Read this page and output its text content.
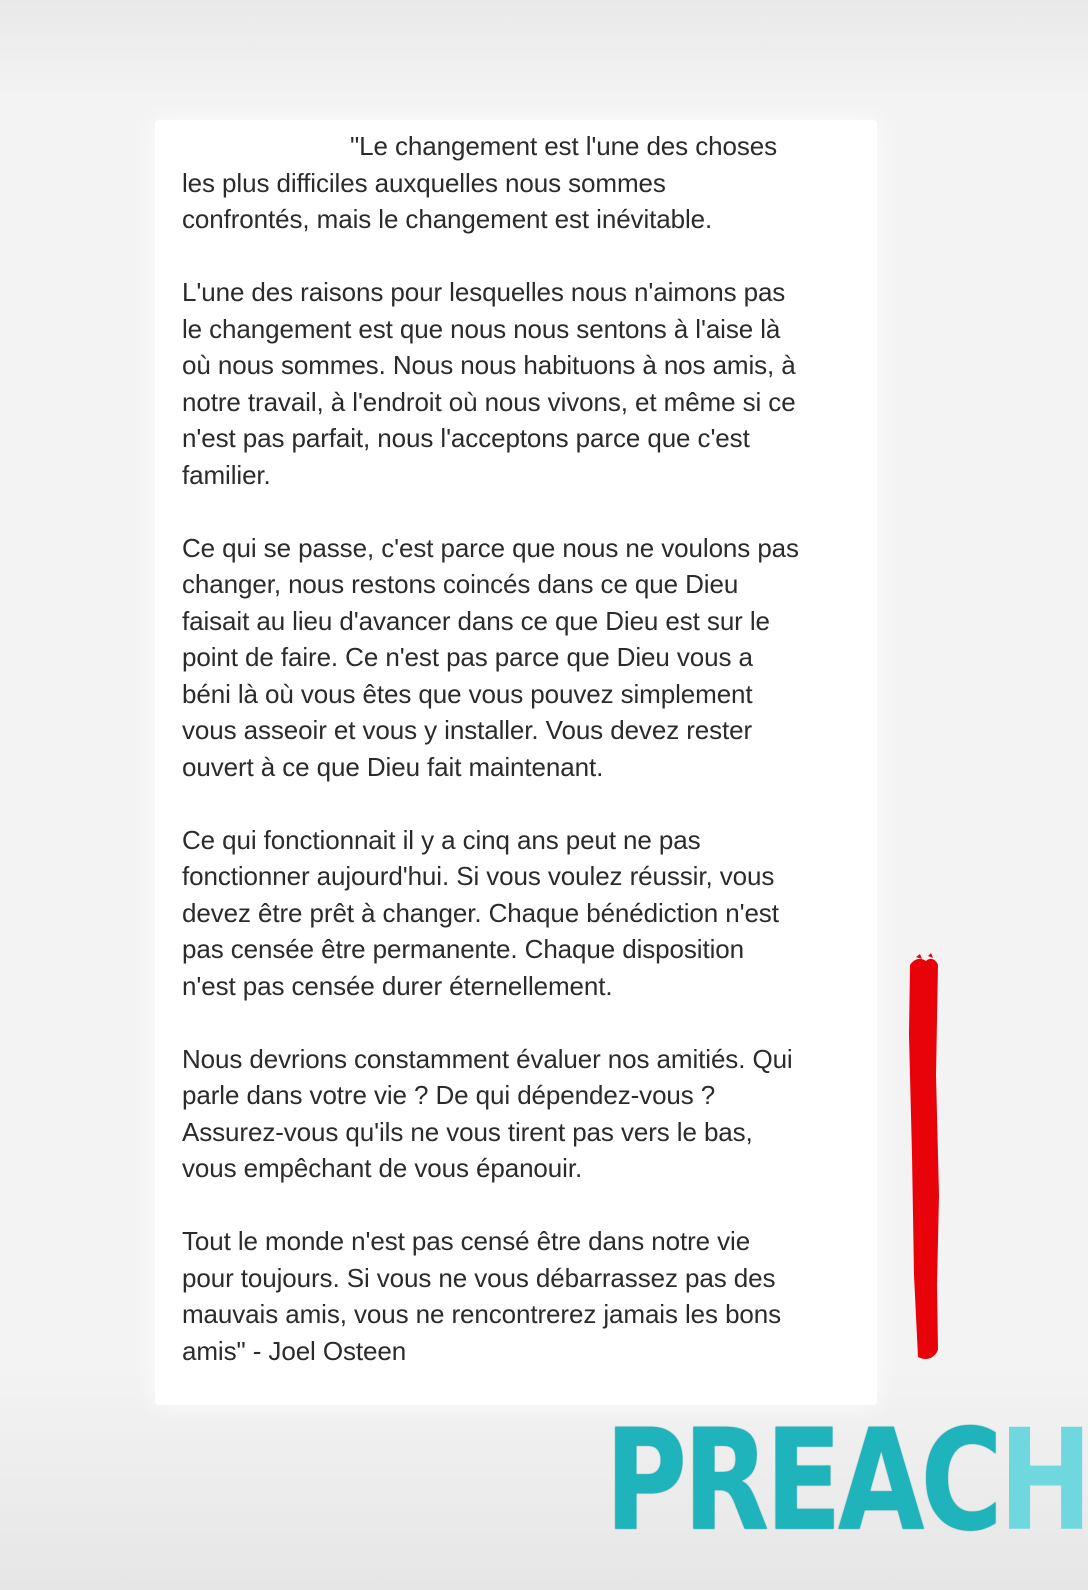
"Le changement est l'une des choses
les plus difficiles auxquelles nous sommes
confrontés, mais le changement est inévitable.

L'une des raisons pour lesquelles nous n'aimons pas
le changement est que nous nous sentons à l'aise là
où nous sommes. Nous nous habituons à nos amis, à
notre travail, à l'endroit où nous vivons, et même si ce
n'est pas parfait, nous l'acceptons parce que c'est
familier.

Ce qui se passe, c'est parce que nous ne voulons pas
changer, nous restons coincés dans ce que Dieu
faisait au lieu d'avancer dans ce que Dieu est sur le
point de faire. Ce n'est pas parce que Dieu vous a
béni là où vous êtes que vous pouvez simplement
vous asseoir et vous y installer. Vous devez rester
ouvert à ce que Dieu fait maintenant.

Ce qui fonctionnait il y a cinq ans peut ne pas
fonctionner aujourd'hui. Si vous voulez réussir, vous
devez être prêt à changer. Chaque bénédiction n'est
pas censée être permanente. Chaque disposition
n'est pas censée durer éternellement.

Nous devrions constamment évaluer nos amitiés. Qui
parle dans votre vie ? De qui dépendez-vous ?
Assurez-vous qu'ils ne vous tirent pas vers le bas,
vous empêchant de vous épanouir.

Tout le monde n'est pas censé être dans notre vie
pour toujours. Si vous ne vous débarrassez pas des
mauvais amis, vous ne rencontrerez jamais les bons
amis" - Joel Osteen

PREACH
